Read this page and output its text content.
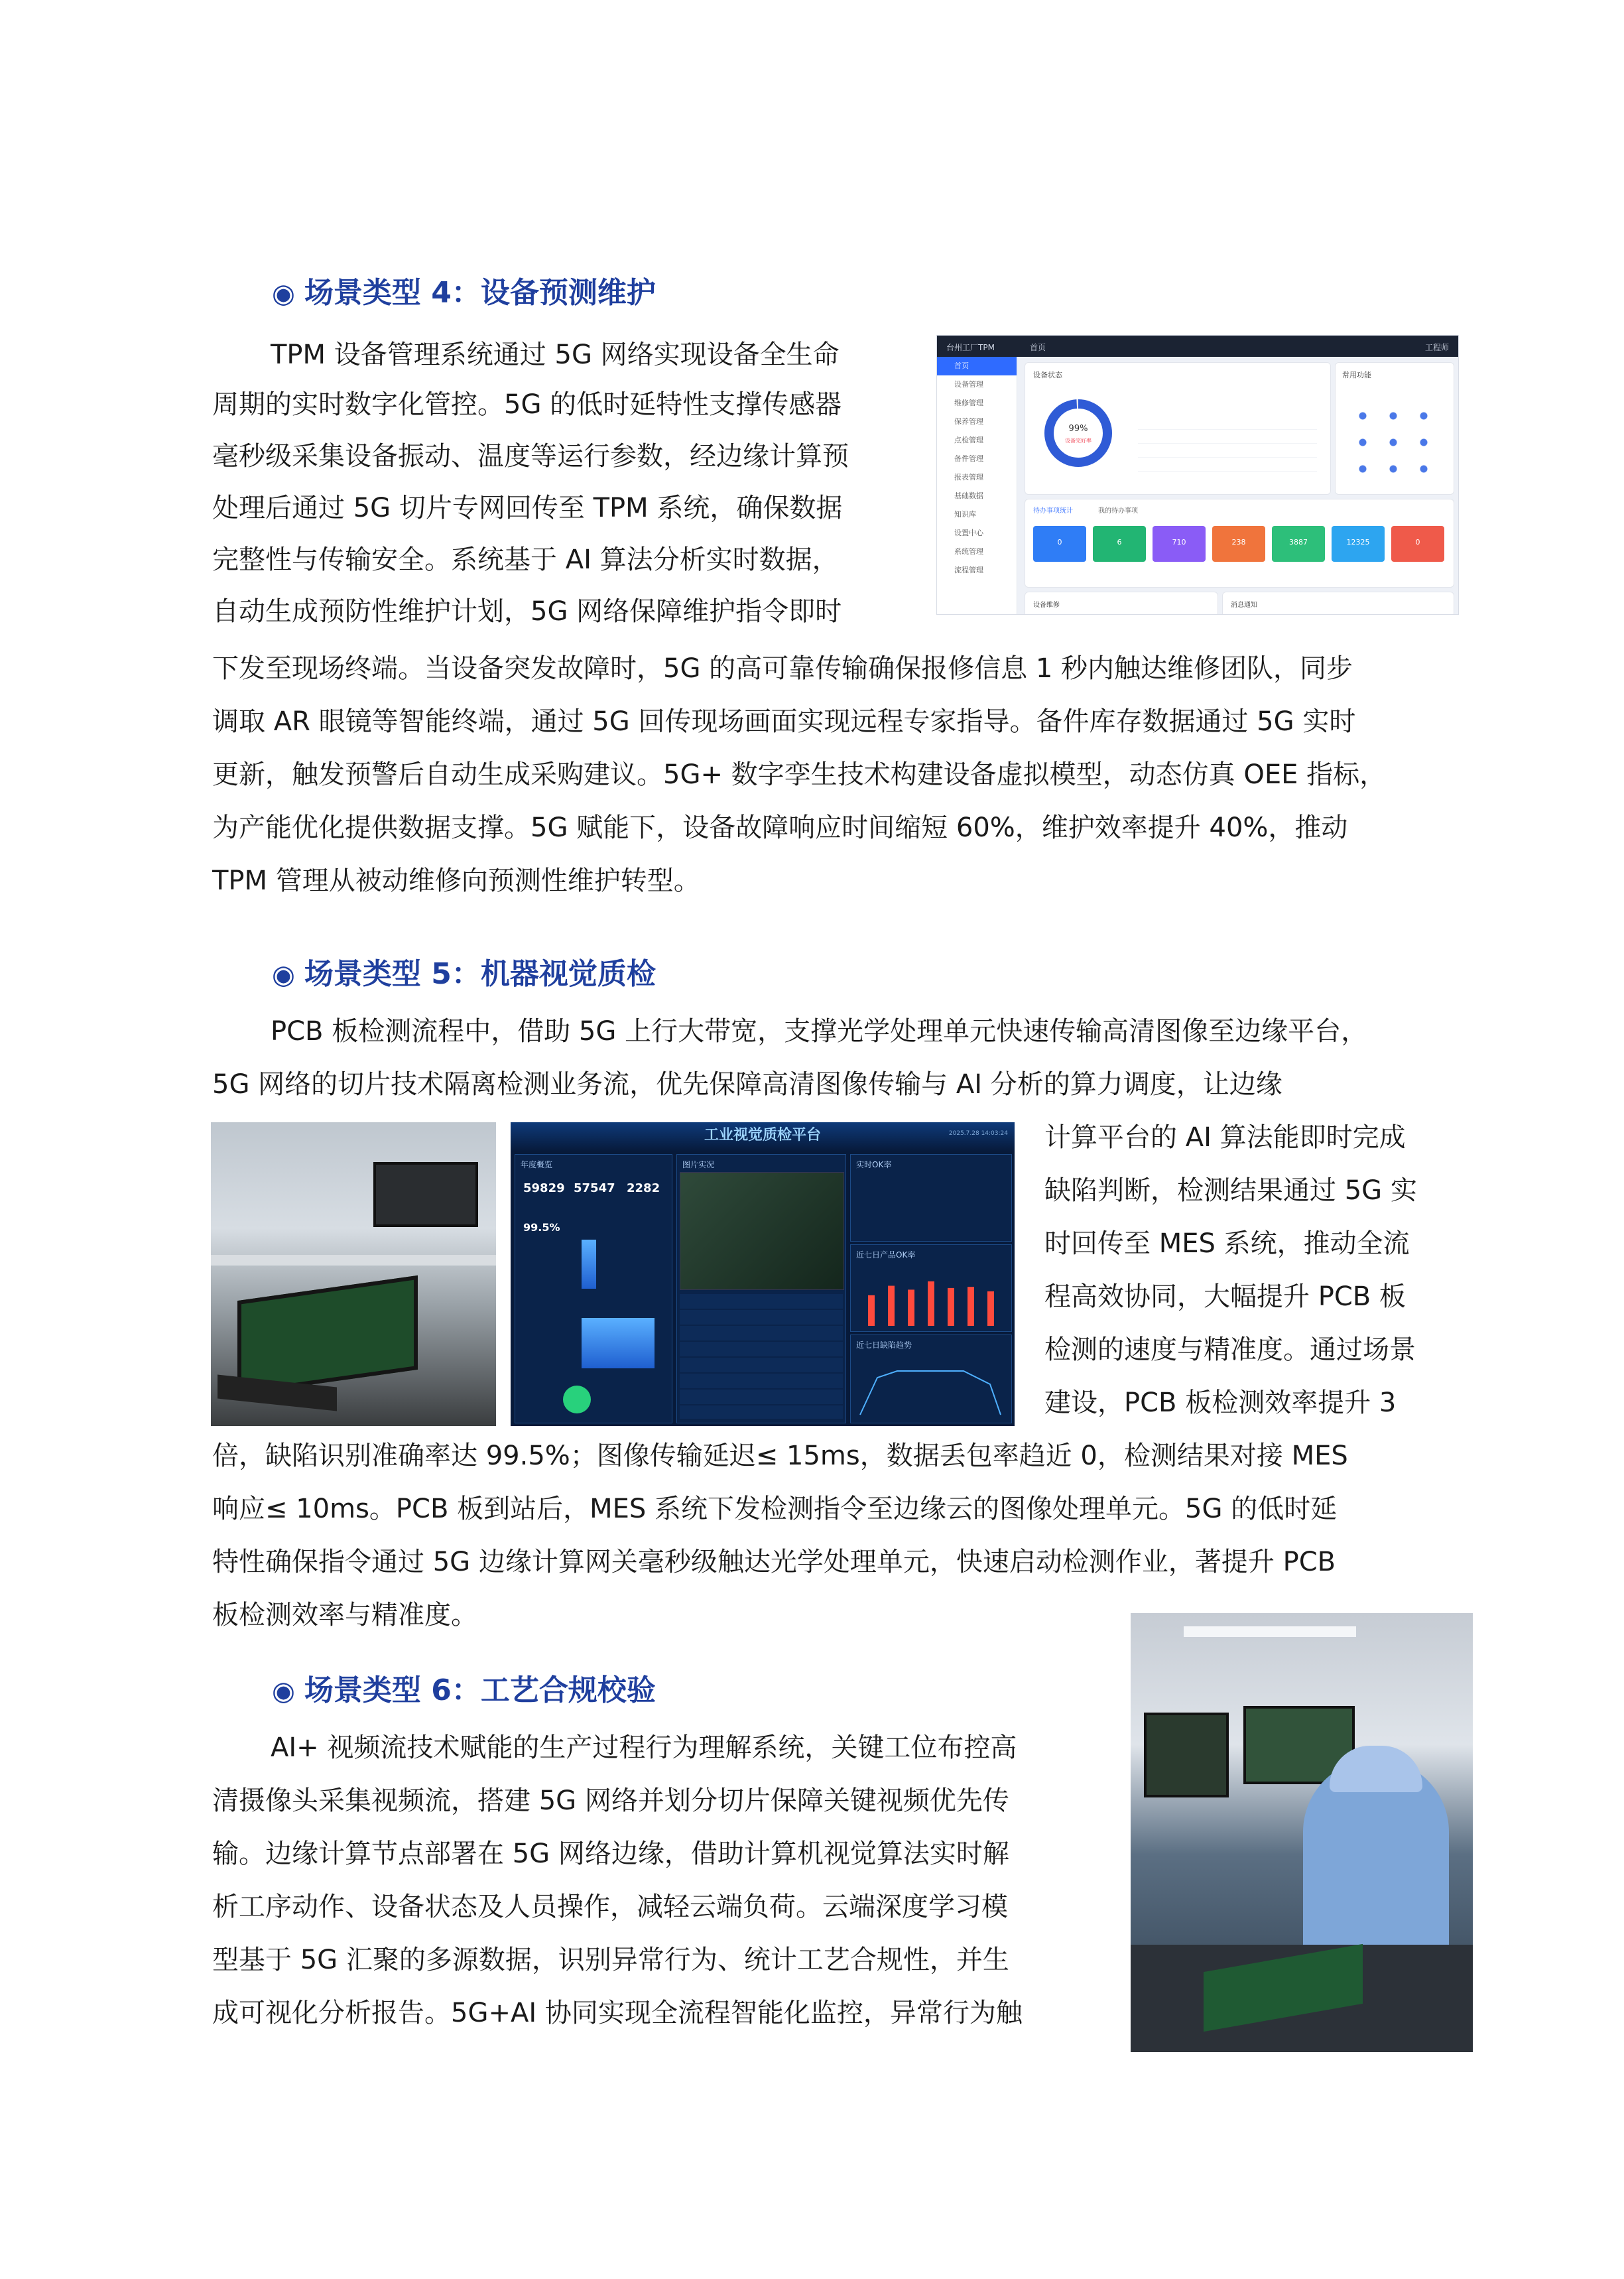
◉ 场景类型 4：设备预测维护
TPM 设备管理系统通过 5G 网络实现设备全生命
周期的实时数字化管控。5G 的低时延特性支撑传感器
毫秒级采集设备振动、温度等运行参数，经边缘计算预
处理后通过 5G 切片专网回传至 TPM 系统，确保数据
完整性与传输安全。系统基于 AI 算法分析实时数据，
自动生成预防性维护计划，5G 网络保障维护指令即时
下发至现场终端。当设备突发故障时，5G 的高可靠传输确保报修信息 1 秒内触达维修团队，同步
调取 AR 眼镜等智能终端，通过 5G 回传现场画面实现远程专家指导。备件库存数据通过 5G 实时
更新，触发预警后自动生成采购建议。5G+ 数字孪生技术构建设备虚拟模型，动态仿真 OEE 指标，
为产能优化提供数据支撑。5G 赋能下，设备故障响应时间缩短 60%，维护效率提升 40%，推动
TPM 管理从被动维修向预测性维护转型。
台州工厂TPM	首页	工程师
首页
设备管理
维修管理
保养管理
点检管理
备件管理
报表管理
基础数据
知识库
设置中心
系统管理
流程管理
设备状态
99%
设备完好率
常用功能
待办事项统计	我的待办事项
0	6	710	238	3887	12325	0
设备维修	消息通知
◉ 场景类型 5：机器视觉质检
PCB 板检测流程中，借助 5G 上行大带宽，支撑光学处理单元快速传输高清图像至边缘平台，
5G 网络的切片技术隔离检测业务流，优先保障高清图像传输与 AI 分析的算力调度，让边缘
计算平台的 AI 算法能即时完成
缺陷判断，检测结果通过 5G 实
时回传至 MES 系统，推动全流
程高效协同，大幅提升 PCB 板
检测的速度与精准度。通过场景
建设，PCB 板检测效率提升 3
倍，缺陷识别准确率达 99.5%；图像传输延迟≤ 15ms，数据丢包率趋近 0，检测结果对接 MES
响应≤ 10ms。PCB 板到站后，MES 系统下发检测指令至边缘云的图像处理单元。5G 的低时延
特性确保指令通过 5G 边缘计算网关毫秒级触达光学处理单元，快速启动检测作业，著提升 PCB
板检测效率与精准度。
工业视觉质检平台	2025.7.28 14:03:24
年度概览
59829 57547 2282
99.5%
图片实况	实时OK率
近七日产品OK率
近七日缺陷趋势
◉ 场景类型 6：工艺合规校验
AI+ 视频流技术赋能的生产过程行为理解系统，关键工位布控高
清摄像头采集视频流，搭建 5G 网络并划分切片保障关键视频优先传
输。边缘计算节点部署在 5G 网络边缘，借助计算机视觉算法实时解
析工序动作、设备状态及人员操作，减轻云端负荷。云端深度学习模
型基于 5G 汇聚的多源数据，识别异常行为、统计工艺合规性，并生
成可视化分析报告。5G+AI 协同实现全流程智能化监控，异常行为触
